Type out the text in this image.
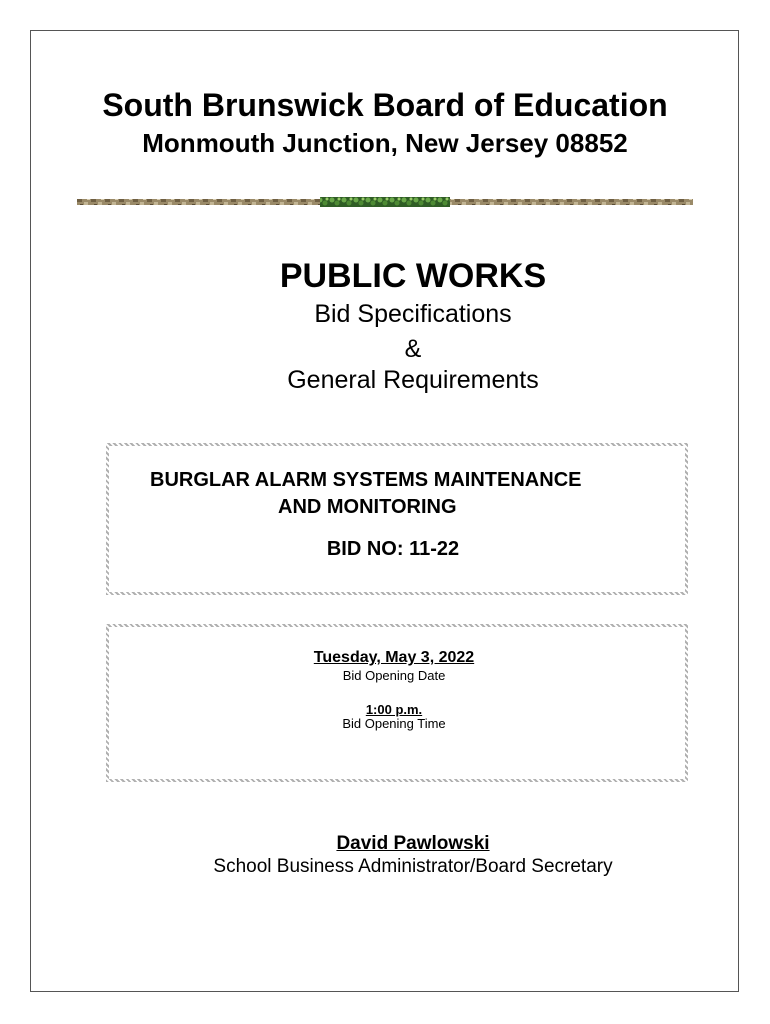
South Brunswick Board of Education
Monmouth Junction, New Jersey 08852
PUBLIC WORKS
Bid Specifications
&
General Requirements
BURGLAR ALARM SYSTEMS MAINTENANCE
AND MONITORING
BID NO: 11-22
Tuesday, May 3, 2022
Bid Opening Date
1:00 p.m.
Bid Opening Time
David Pawlowski
School Business Administrator/Board Secretary
